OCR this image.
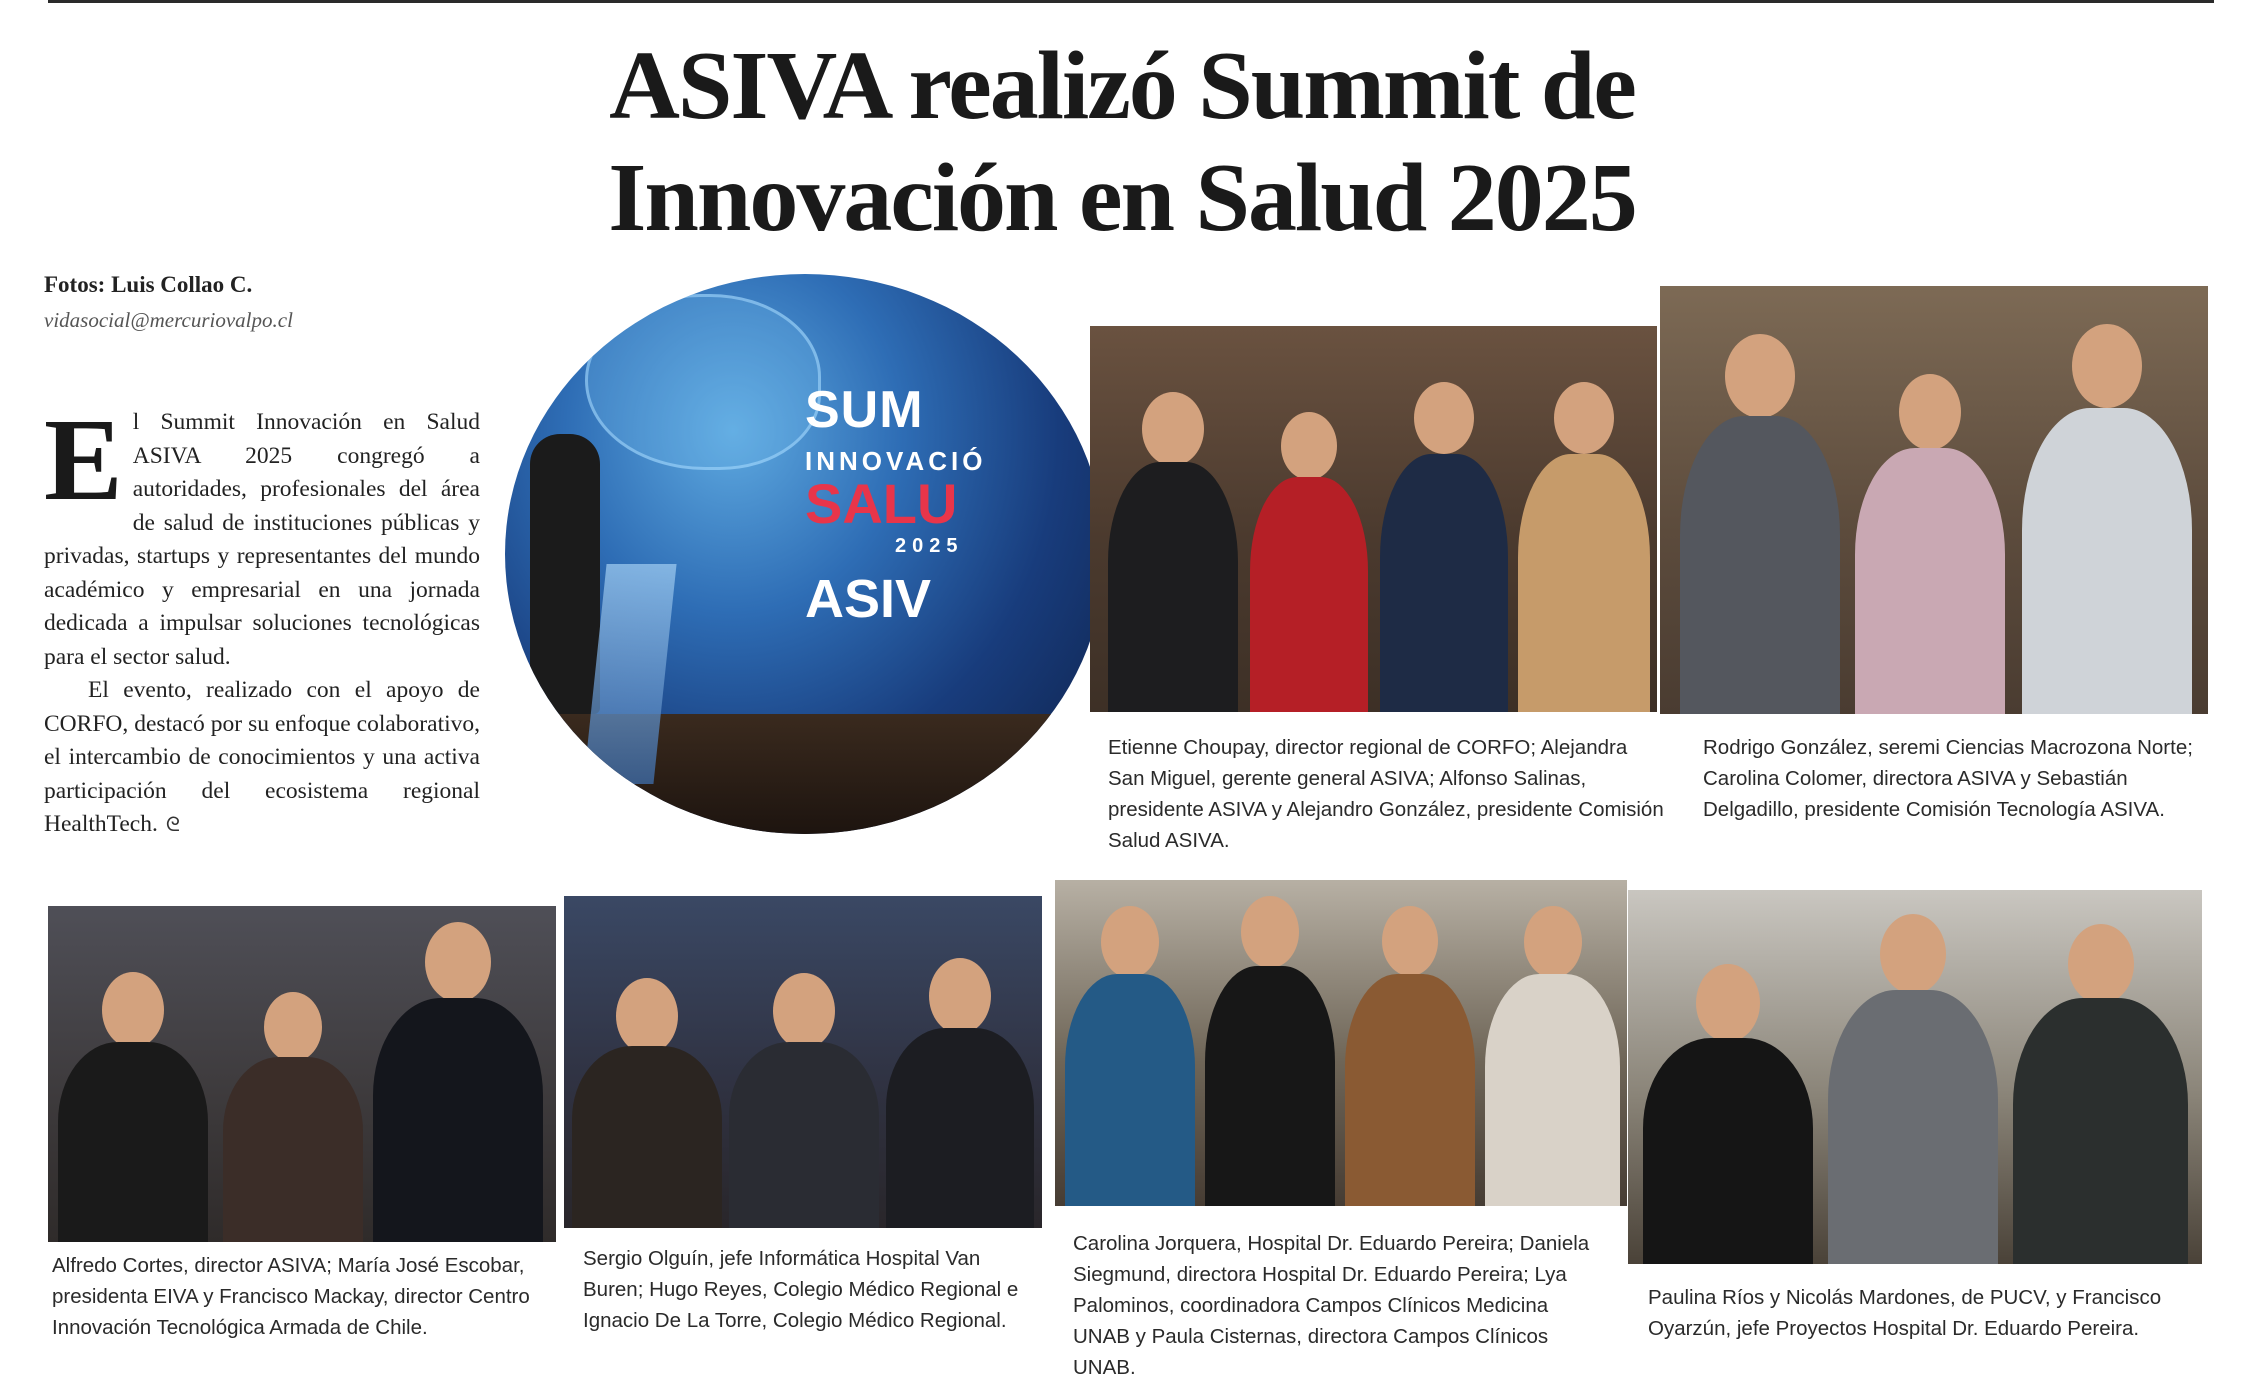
ASIVA realizó Summit de
Innovación en Salud 2025
Fotos: Luis Collao C.
vidasocial@mercuriovalpo.cl

El Summit Innovación en Salud ASIVA 2025 congregó a autoridades, profesionales del área de salud de instituciones públicas y privadas, startups y representantes del mundo académico y empresarial en una jornada dedicada a impulsar soluciones tecnológicas para el sector salud.

El evento, realizado con el apoyo de CORFO, destacó por su enfoque colaborativo, el intercambio de conocimientos y una activa participación del ecosistema regional HealthTech. ᘓ

SUM
INNOVACIÓ
SALU
2025
ASIV
Etienne Choupay, director regional de CORFO; Alejandra San Miguel, gerente general ASIVA; Alfonso Salinas, presidente ASIVA y Alejandro González, presidente Comisión Salud ASIVA.
Rodrigo González, seremi Ciencias Macrozona Norte; Carolina Colomer, directora ASIVA y Sebastián Delgadillo, presidente Comisión Tecnología ASIVA.
Alfredo Cortes, director ASIVA; María José Escobar, presidenta EIVA y Francisco Mackay, director Centro Innovación Tecnológica Armada de Chile.
Sergio Olguín, jefe Informática Hospital Van Buren; Hugo Reyes, Colegio Médico Regional e Ignacio De La Torre, Colegio Médico Regional.
Carolina Jorquera, Hospital Dr. Eduardo Pereira; Daniela Siegmund, directora Hospital Dr. Eduardo Pereira; Lya Palominos, coordinadora Campos Clínicos Medicina UNAB y Paula Cisternas, directora Campos Clínicos UNAB.
Paulina Ríos y Nicolás Mardones, de PUCV, y Francisco Oyarzún, jefe Proyectos Hospital Dr. Eduardo Pereira.
